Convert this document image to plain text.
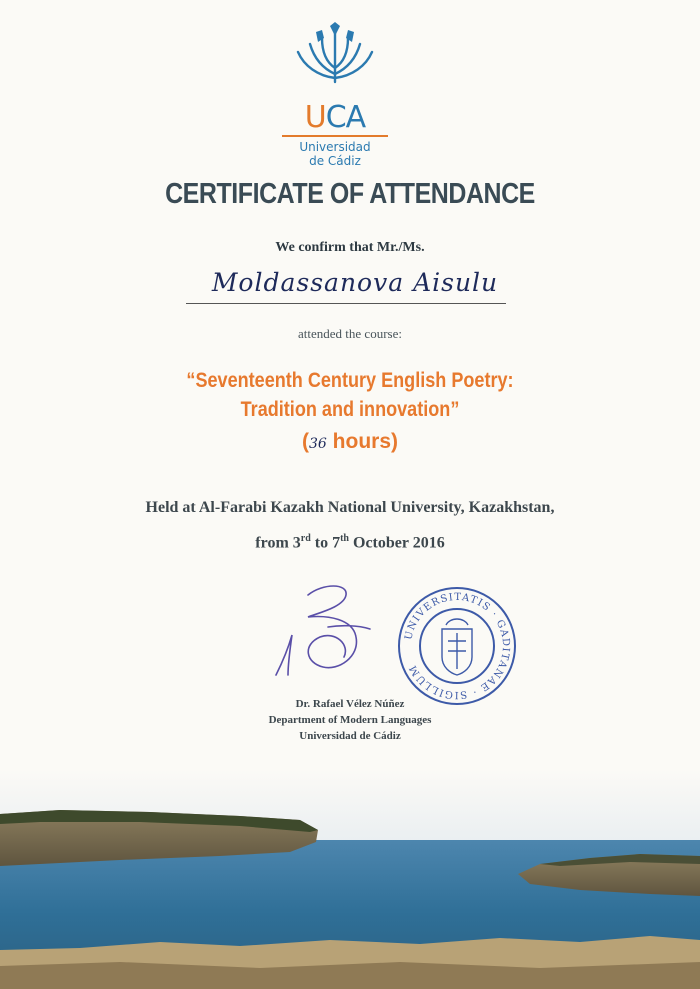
UCA
Universidad
de Cádiz
CERTIFICATE OF ATTENDANCE
We confirm that Mr./Ms.
Moldassanova Aisulu
attended the course:
“Seventeenth Century English Poetry:
Tradition and innovation”
(36 hours)
Held at Al-Farabi Kazakh National University, Kazakhstan,
from 3rd to 7th October 2016
UNIVERSITATIS · GADITANAE · SIGILLUM
Dr. Rafael Vélez Núñez
Department of Modern Languages
Universidad de Cádiz
